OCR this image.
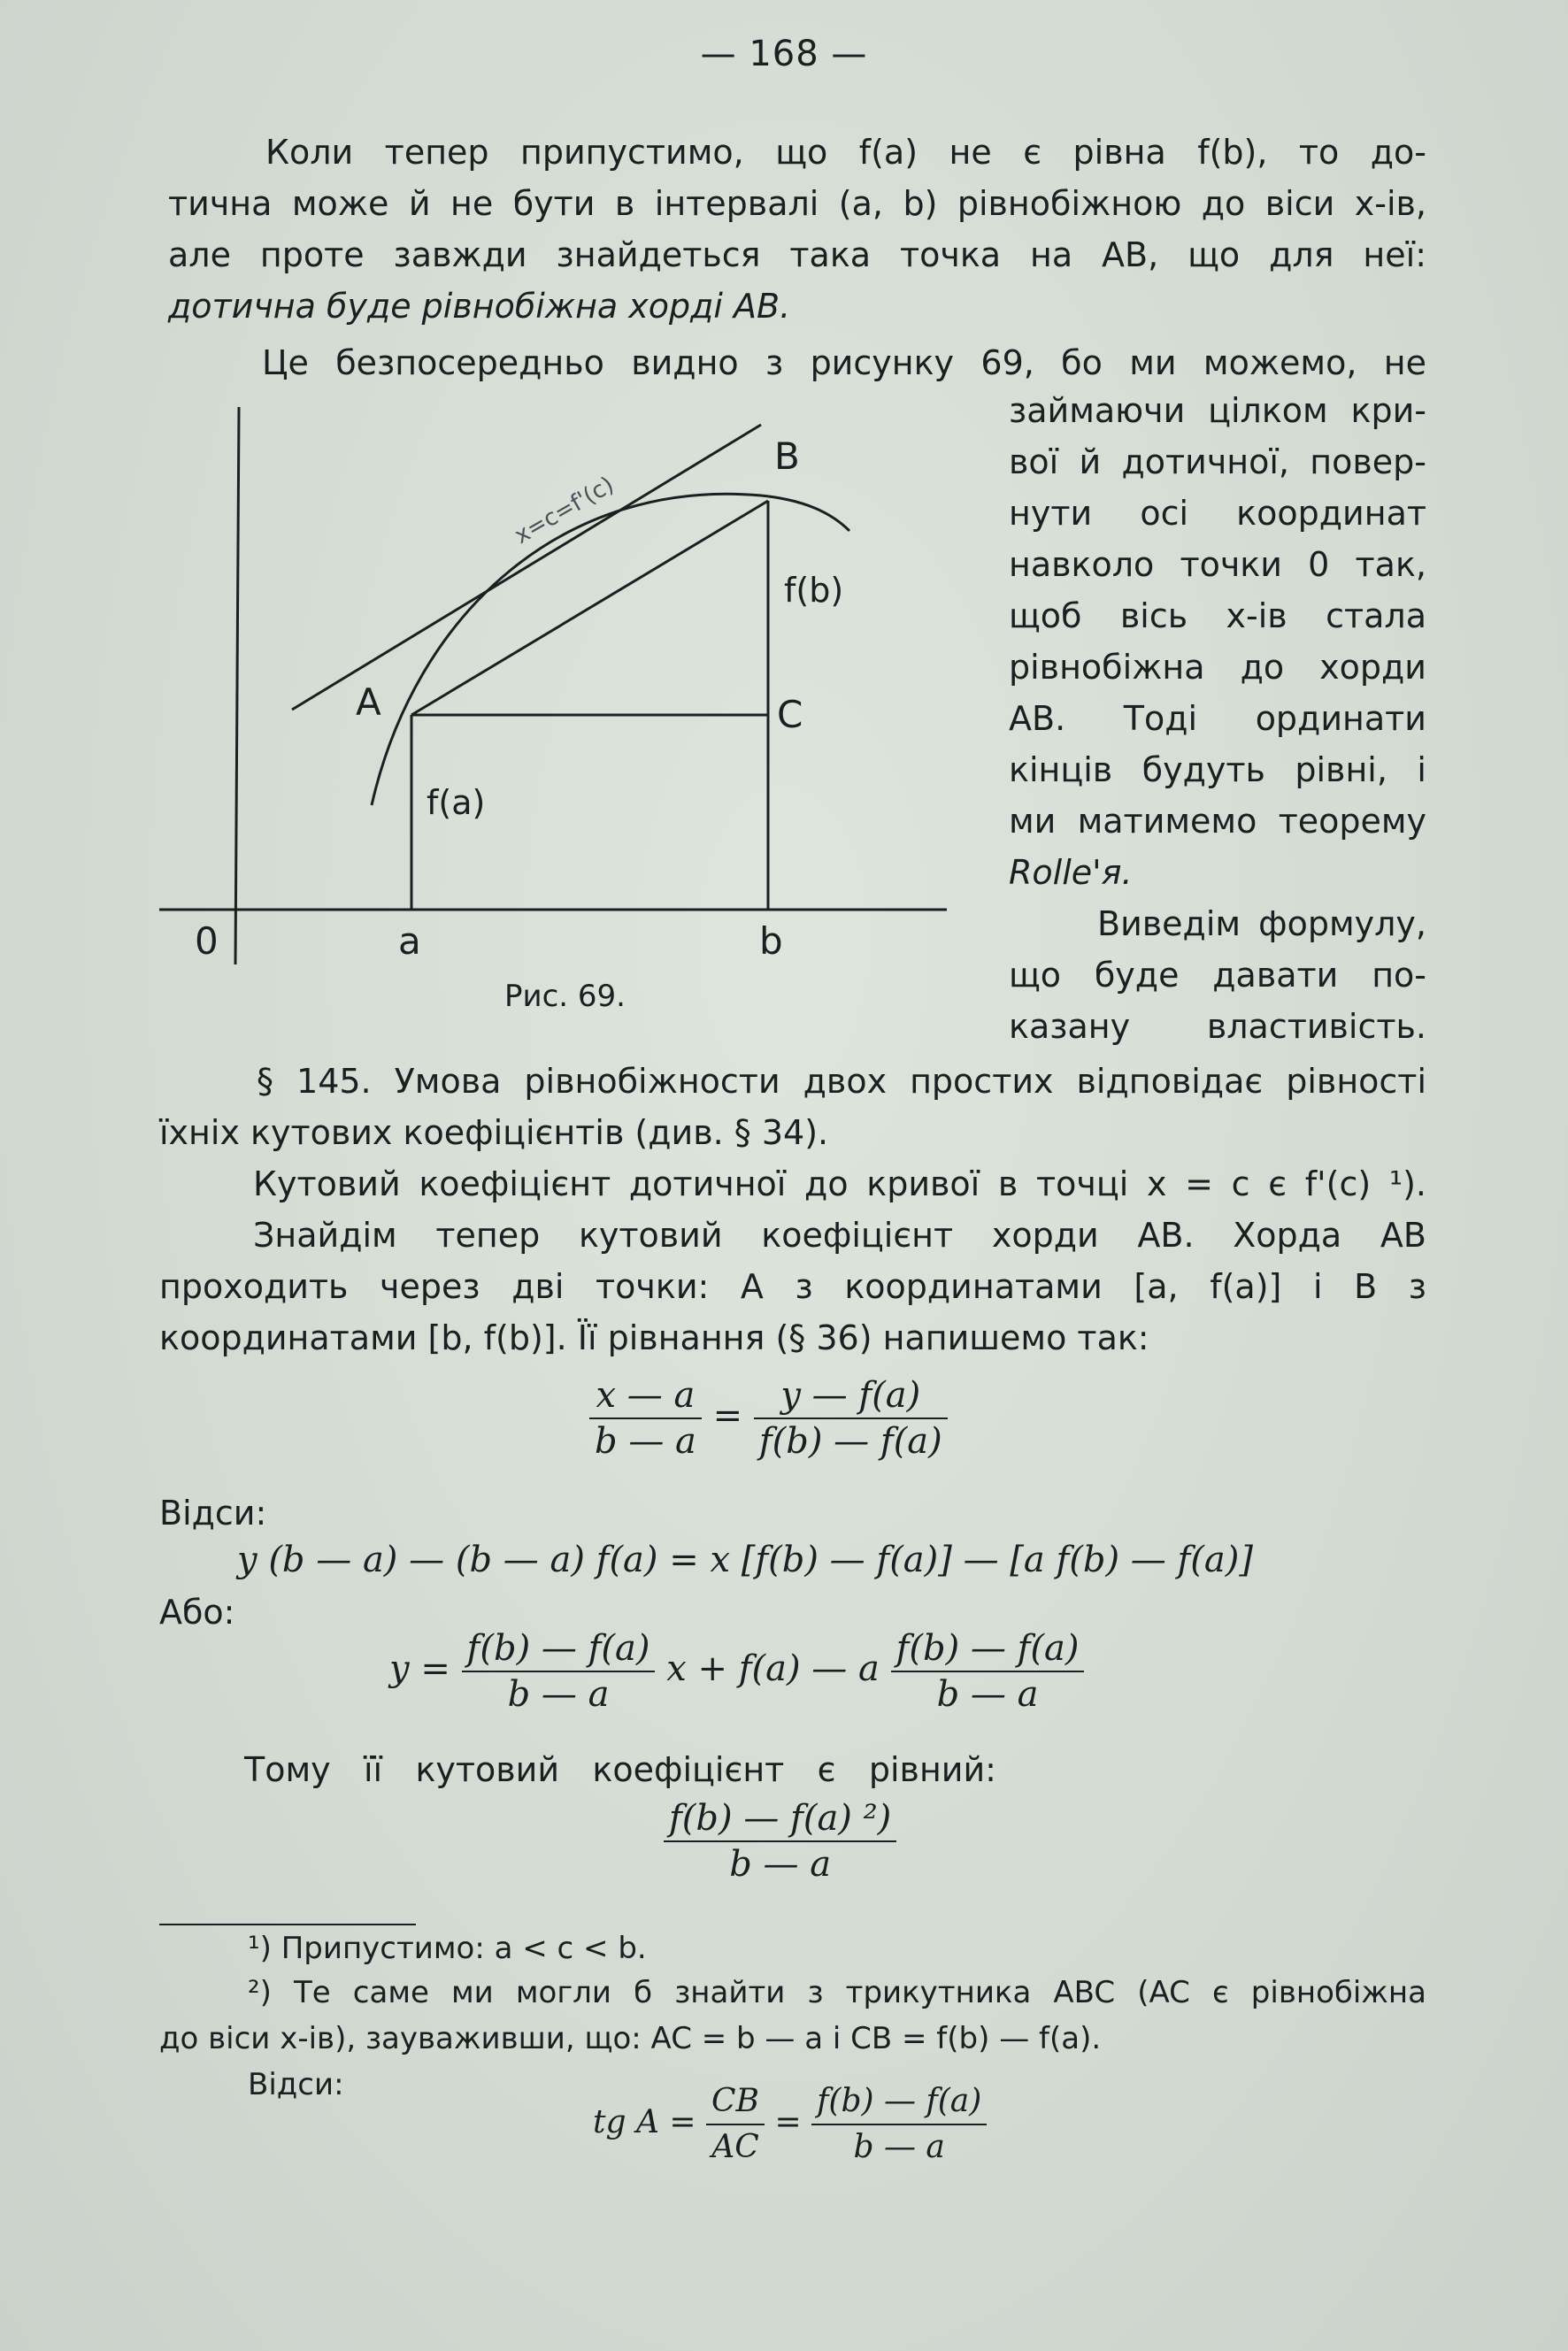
— 168 —
Коли тепер припустимо, що f(a) не є рівна f(b), то до-
тична може й не бути в інтервалі (a, b) рівнобіжною до віси x-ів,
але проте завжди знайдеться така точка на AB, що для неї:
дотична буде рівнобіжна хорді AB.
Це безпосередньо видно з рисунку 69, бо ми можемо, не
A
B
C
0	a	b
f(a)
f(b)
x=c=f'(c)
Рис. 69.
займаючи цілком кри-
вої й дотичної, повер-
нути осі координат
навколо точки 0 так,
щоб вісь x-ів стала
рівнобіжна до хорди
AB. Тоді ординати
кінців будуть рівні, і
ми матимемо теорему
Rolle'я.
Виведім формулу,
що буде давати по-
казану властивість.
§ 145. Умова рівнобіжности двох простих відповідає рівності
їхніх кутових коефіцієнтів (див. § 34).
Кутовий коефіцієнт дотичної до кривої в точці x = c є f'(c) ¹).
Знайдім тепер кутовий коефіцієнт хорди AB. Хорда AB
проходить через дві точки: A з координатами [a, f(a)] і B з
координатами [b, f(b)]. Її рівнання (§ 36) напишемо так:
$\frac{x — a}{b — a} = \frac{y — f(a)}{f(b) — f(a)}$
Відси:
y (b — a) — (b — a) f(a) = x [f(b) — f(a)] — [a f(b) — f(a)]
Або:
$y = \frac{f(b) — f(a)}{b — a}$ x + f(a) — a $\frac{f(b) — f(a)}{b — a}$
Тому її кутовий коефіцієнт є рівний:
$\frac{\text{f(b) — f(a) ²)}}{b — a}$
¹) Припустимо: a < c < b.
²) Те саме ми могли б знайти з трикутника ABC (AC є рівнобіжна
до віси x-ів), зауваживши, що: AC = b — a і CB = f(b) — f(a).
Відси:
tg $A = \frac{CB}{AC} = \frac{f(b) — f(a)}{b — a}$
